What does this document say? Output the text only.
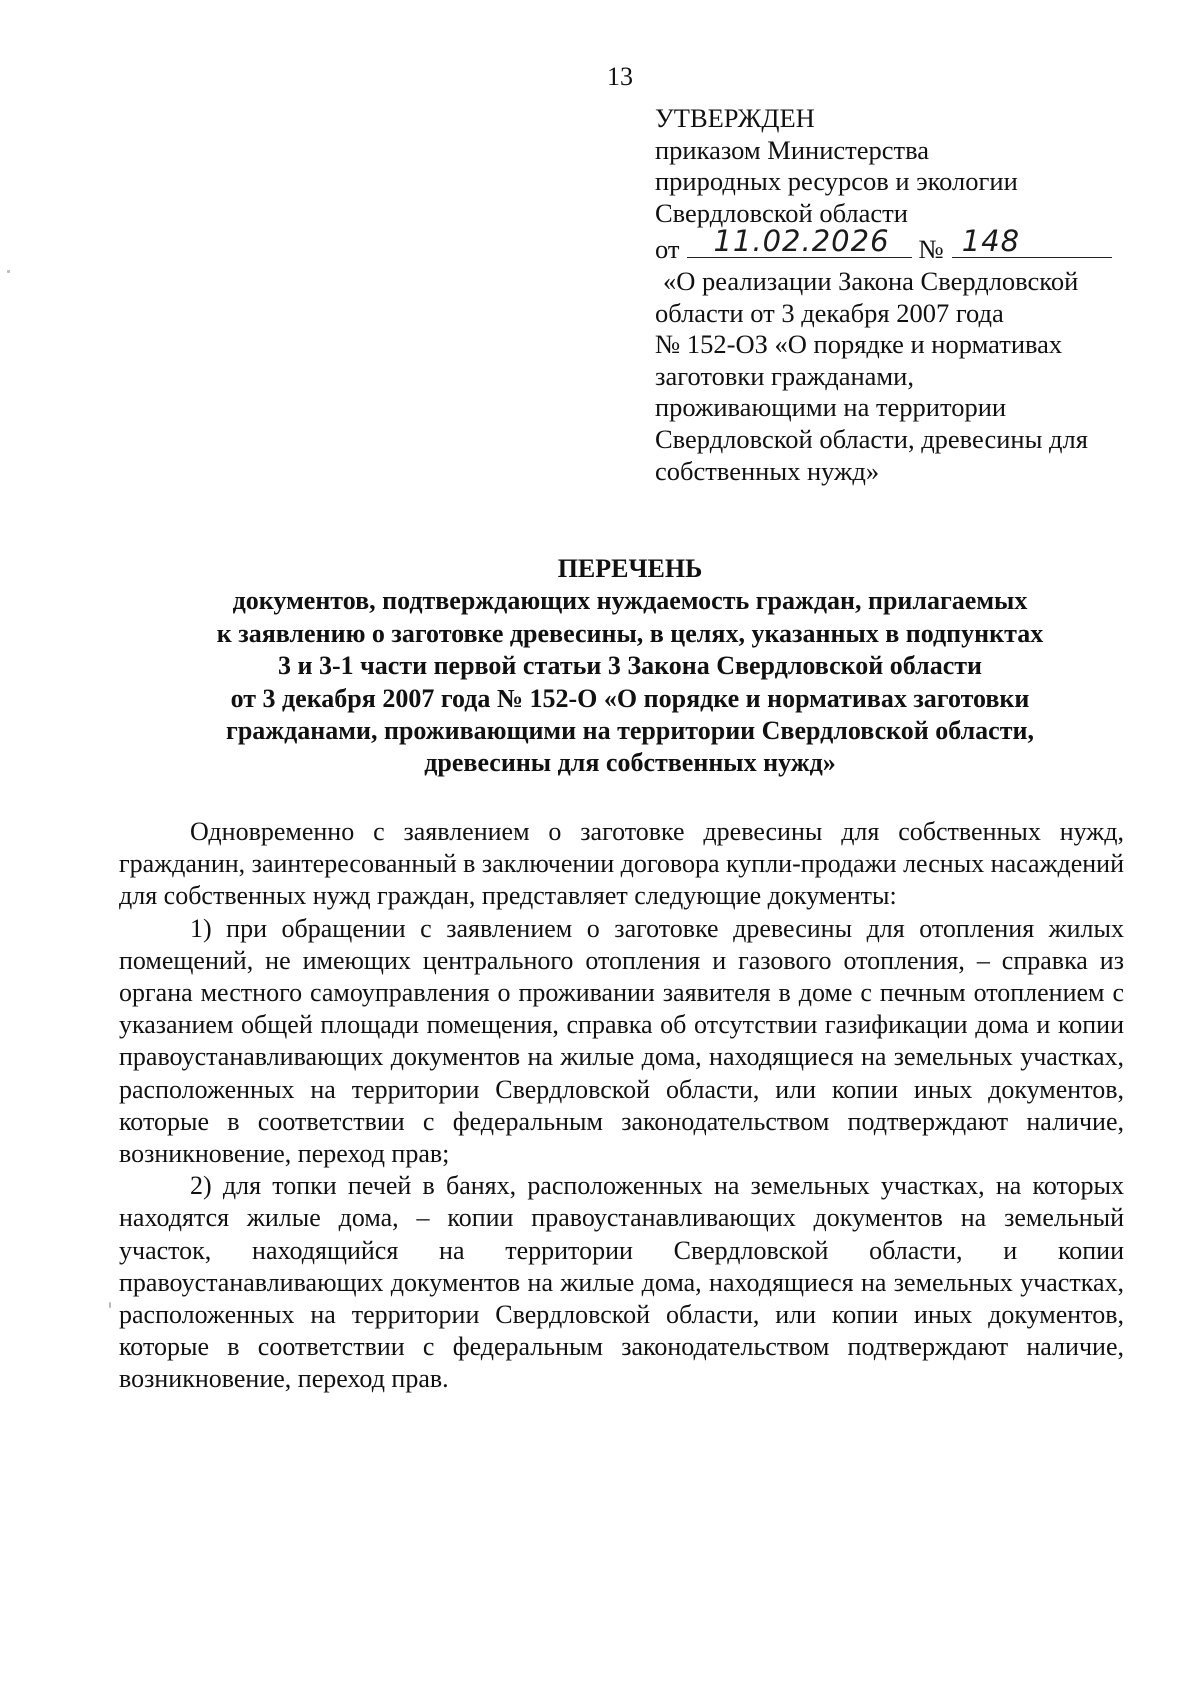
13
УТВЕРЖДЕН
приказом Министерства
природных ресурсов и экологии
Свердловской области
от 11.02.2026 № 148
«О реализации Закона Свердловской
области от 3 декабря 2007 года
№ 152-ОЗ «О порядке и нормативах
заготовки гражданами,
проживающими на территории
Свердловской области, древесины для
собственных нужд»
ПЕРЕЧЕНЬ
документов, подтверждающих нуждаемость граждан, прилагаемых
к заявлению о заготовке древесины, в целях, указанных в подпунктах
3 и 3-1 части первой статьи 3 Закона Свердловской области
от 3 декабря 2007 года № 152-О «О порядке и нормативах заготовки
гражданами, проживающими на территории Свердловской области,
древесины для собственных нужд»

Одновременно с заявлением о заготовке древесины для собственных нужд, гражданин, заинтересованный в заключении договора купли-продажи лесных насаждений для собственных нужд граждан, представляет следующие документы:

1) при обращении с заявлением о заготовке древесины для отопления жилых помещений, не имеющих центрального отопления и газового отопления, – справка из органа местного самоуправления о проживании заявителя в доме с печным отоплением с указанием общей площади помещения, справка об отсутствии газификации дома и копии правоустанавливающих документов на жилые дома, находящиеся на земельных участках, расположенных на территории Свердловской области, или копии иных документов, которые в соответствии с федеральным законодательством подтверждают наличие, возникновение, переход прав;

2) для топки печей в банях, расположенных на земельных участках, на которых находятся жилые дома, – копии правоустанавливающих документов на земельный участок, находящийся на территории Свердловской области, и копии правоустанавливающих документов на жилые дома, находящиеся на земельных участках, расположенных на территории Свердловской области, или копии иных документов, которые в соответствии с федеральным законодательством подтверждают наличие, возникновение, переход прав.
